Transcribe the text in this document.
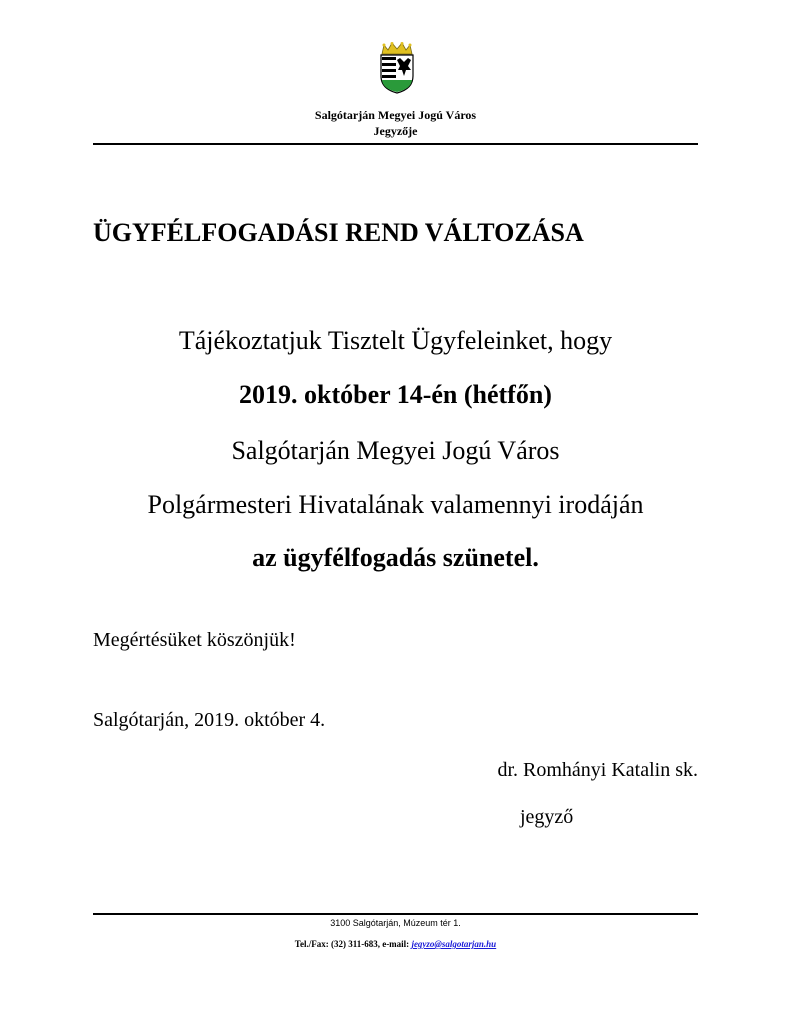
Salgótarján Megyei Jogú Város
Jegyzője
ÜGYFÉLFOGADÁSI REND VÁLTOZÁSA
Tájékoztatjuk Tisztelt Ügyfeleinket, hogy
2019. október 14-én (hétfőn)
Salgótarján Megyei Jogú Város
Polgármesteri Hivatalának valamennyi irodáján
az ügyfélfogadás szünetel.
Megértésüket köszönjük!
Salgótarján, 2019. október 4.
dr. Romhányi Katalin sk.
jegyző
3100 Salgótarján, Múzeum tér 1.
Tel./Fax: (32) 311-683, e-mail: jegyzo@salgotarjan.hu
